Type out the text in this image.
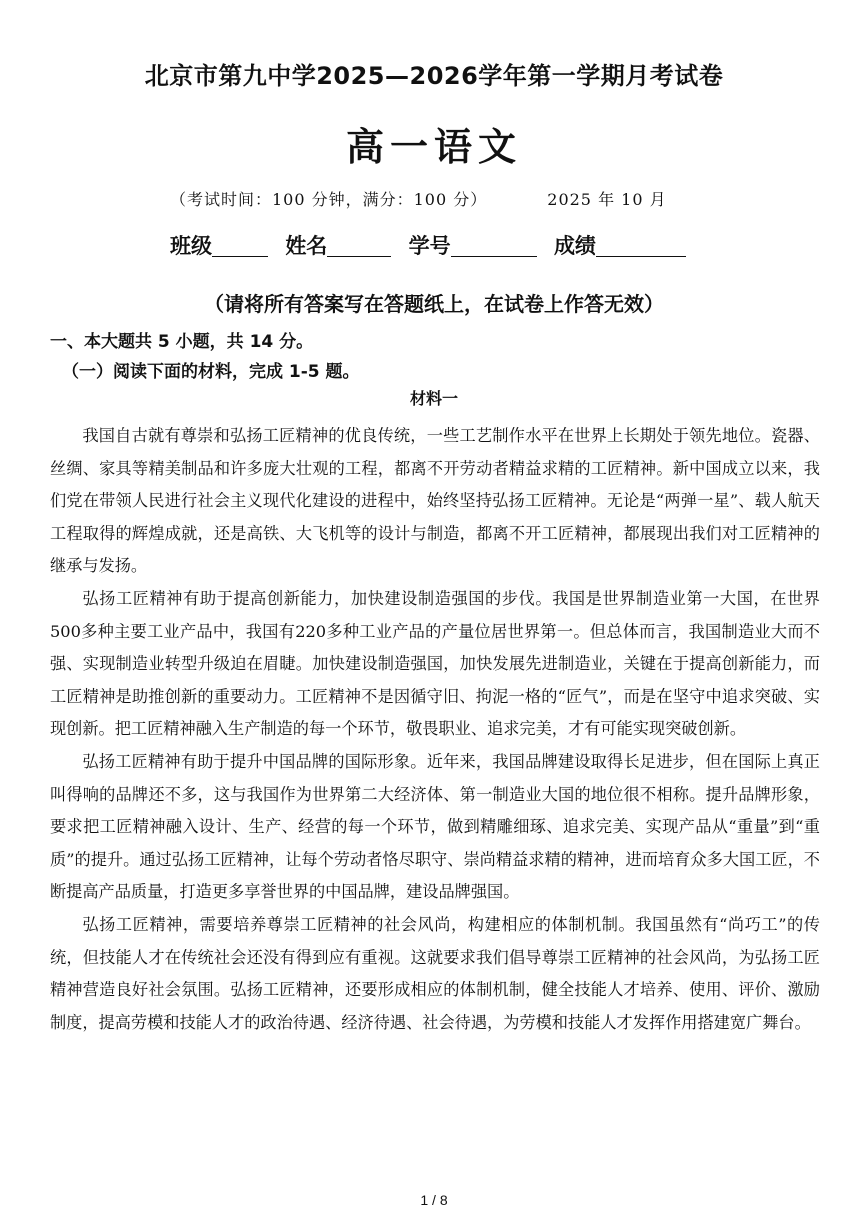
北京市第九中学2025—2026学年第一学期月考试卷
高一语文
（考试时间：100 分钟，满分：100 分）	2025 年 10 月
班级	姓名	学号	成绩
（请将所有答案写在答题纸上，在试卷上作答无效）
一、本大题共 5 小题，共 14 分。
（一）阅读下面的材料，完成 1-5 题。
材料一

我国自古就有尊崇和弘扬工匠精神的优良传统，一些工艺制作水平在世界上长期处于领先地位。瓷器、丝绸、家具等精美制品和许多庞大壮观的工程，都离不开劳动者精益求精的工匠精神。新中国成立以来，我们党在带领人民进行社会主义现代化建设的进程中，始终坚持弘扬工匠精神。无论是“两弹一星”、载人航天工程取得的辉煌成就，还是高铁、大飞机等的设计与制造，都离不开工匠精神，都展现出我们对工匠精神的继承与发扬。

弘扬工匠精神有助于提高创新能力，加快建设制造强国的步伐。我国是世界制造业第一大国，在世界500多种主要工业产品中，我国有220多种工业产品的产量位居世界第一。但总体而言，我国制造业大而不强、实现制造业转型升级迫在眉睫。加快建设制造强国，加快发展先进制造业，关键在于提高创新能力，而工匠精神是助推创新的重要动力。工匠精神不是因循守旧、拘泥一格的“匠气”，而是在坚守中追求突破、实现创新。把工匠精神融入生产制造的每一个环节，敬畏职业、追求完美，才有可能实现突破创新。

弘扬工匠精神有助于提升中国品牌的国际形象。近年来，我国品牌建设取得长足进步，但在国际上真正叫得响的品牌还不多，这与我国作为世界第二大经济体、第一制造业大国的地位很不相称。提升品牌形象，要求把工匠精神融入设计、生产、经营的每一个环节，做到精雕细琢、追求完美、实现产品从“重量”到“重质”的提升。通过弘扬工匠精神，让每个劳动者恪尽职守、崇尚精益求精的精神，进而培育众多大国工匠，不断提高产品质量，打造更多享誉世界的中国品牌，建设品牌强国。

弘扬工匠精神，需要培养尊崇工匠精神的社会风尚，构建相应的体制机制。我国虽然有“尚巧工”的传统，但技能人才在传统社会还没有得到应有重视。这就要求我们倡导尊崇工匠精神的社会风尚，为弘扬工匠精神营造良好社会氛围。弘扬工匠精神，还要形成相应的体制机制，健全技能人才培养、使用、评价、激励制度，提高劳模和技能人才的政治待遇、经济待遇、社会待遇，为劳模和技能人才发挥作用搭建宽广舞台。

1 / 8
